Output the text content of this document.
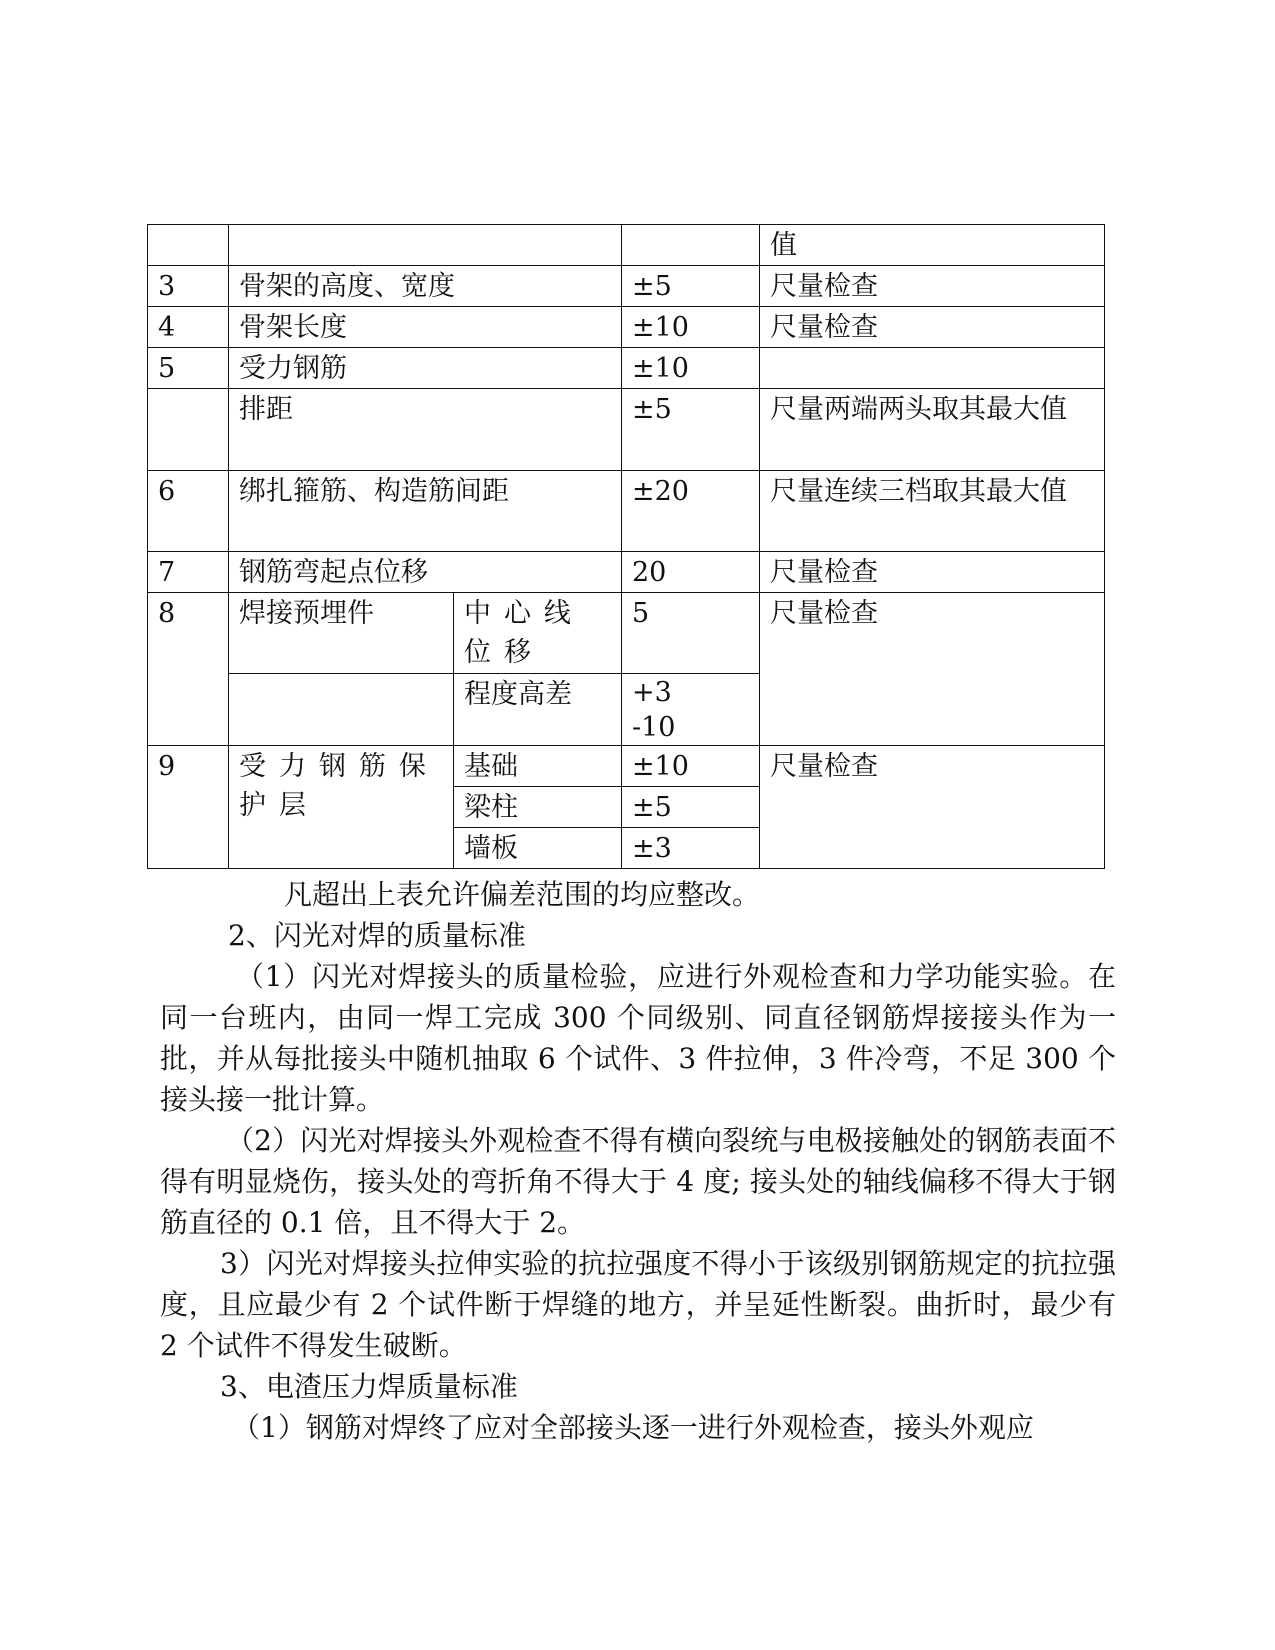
				值
3	骨架的高度、宽度		±5	尺量检查
4	骨架长度		±10	尺量检查
5	受力钢筋		±10	
	排距		±5	尺量两端两头取其最大值
6	绑扎箍筋、构造筋间距		±20	尺量连续三档取其最大值
7	钢筋弯起点位移		20	尺量检查
8	焊接预埋件	中心线位移	5	尺量检查
		程度高差	+3
-10	

9	受力钢筋保护层	基础	±10	尺量检查
		梁柱	±5	
		墙板	±3	

凡超出上表允许偏差范围的均应整改。

2、闪光对焊的质量标准

（1）闪光对焊接头的质量检验，应进行外观检查和力学功能实验。在同一台班内，由同一焊工完成 300 个同级别、同直径钢筋焊接接头作为一批，并从每批接头中随机抽取 6 个试件、3 件拉伸，3 件冷弯，不足 300 个接头接一批计算。

（2）闪光对焊接头外观检查不得有横向裂统与电极接触处的钢筋表面不得有明显烧伤，接头处的弯折角不得大于 4 度; 接头处的轴线偏移不得大于钢筋直径的 0.1 倍，且不得大于 2。

3）闪光对焊接头拉伸实验的抗拉强度不得小于该级别钢筋规定的抗拉强度，且应最少有 2 个试件断于焊缝的地方，并呈延性断裂。曲折时，最少有 2 个试件不得发生破断。

3、电渣压力焊质量标准

（1）钢筋对焊终了应对全部接头逐一进行外观检查，接头外观应
